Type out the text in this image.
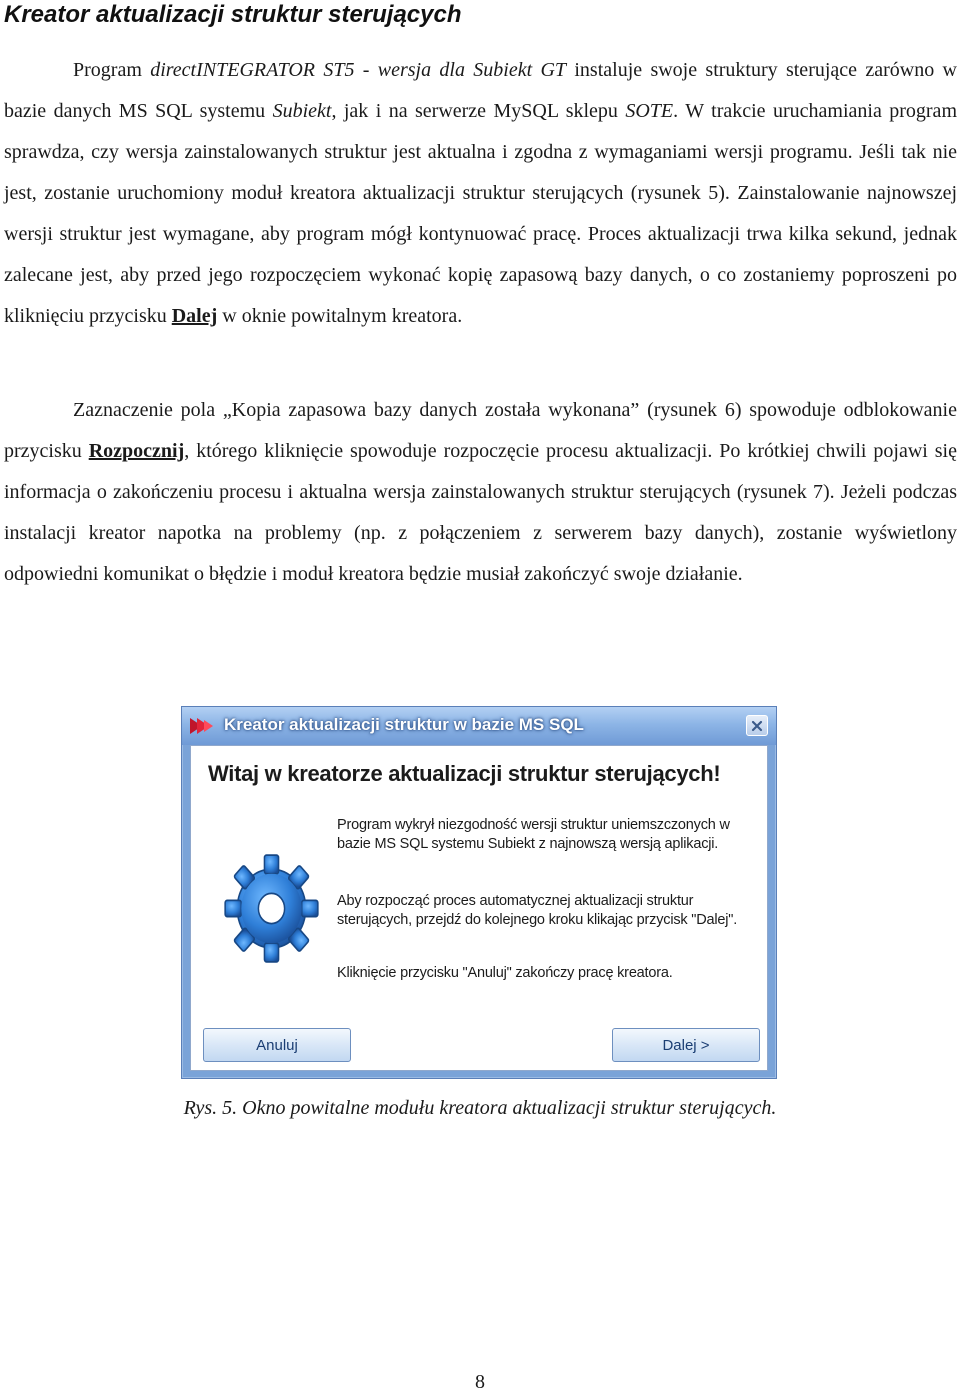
Kreator aktualizacji struktur sterujących

Program directINTEGRATOR ST5 - wersja dla Subiekt GT instaluje swoje struktury sterujące zarówno w bazie danych MS SQL systemu Subiekt, jak i na serwerze MySQL sklepu SOTE. W trakcie uruchamiania program sprawdza, czy wersja zainstalowanych struktur jest aktualna i zgodna z wymaganiami wersji programu. Jeśli tak nie jest, zostanie uruchomiony moduł kreatora aktualizacji struktur sterujących (rysunek 5). Zainstalowanie najnowszej wersji struktur jest wymagane, aby program mógł kontynuować pracę. Proces aktualizacji trwa kilka sekund, jednak zalecane jest, aby przed jego rozpoczęciem wykonać kopię zapasową bazy danych, o co zostaniemy poproszeni po kliknięciu przycisku Dalej w oknie powitalnym kreatora.

Zaznaczenie pola „Kopia zapasowa bazy danych została wykonana” (rysunek 6) spowoduje odblokowanie przycisku Rozpocznij, którego kliknięcie spowoduje rozpoczęcie procesu aktualizacji. Po krótkiej chwili pojawi się informacja o zakończeniu procesu i aktualna wersja zainstalowanych struktur sterujących (rysunek 7). Jeżeli podczas instalacji kreator napotka na problemy (np. z połączeniem z serwerem bazy danych), zostanie wyświetlony odpowiedni komunikat o błędzie i moduł kreatora będzie musiał zakończyć swoje działanie.

Kreator aktualizacji struktur w bazie MS SQL
Witaj w kreatorze aktualizacji struktur sterujących!

Program wykrył niezgodność wersji struktur uniemszczonych w bazie MS SQL systemu Subiekt z najnowszą wersją aplikacji.

Aby rozpocząć proces automatycznej aktualizacji struktur sterujących, przejdź do kolejnego kroku klikając przycisk "Dalej".

Kliknięcie przycisku "Anuluj" zakończy pracę kreatora.

Anuluj	Dalej >

Rys. 5. Okno powitalne modułu kreatora aktualizacji struktur sterujących.

8
